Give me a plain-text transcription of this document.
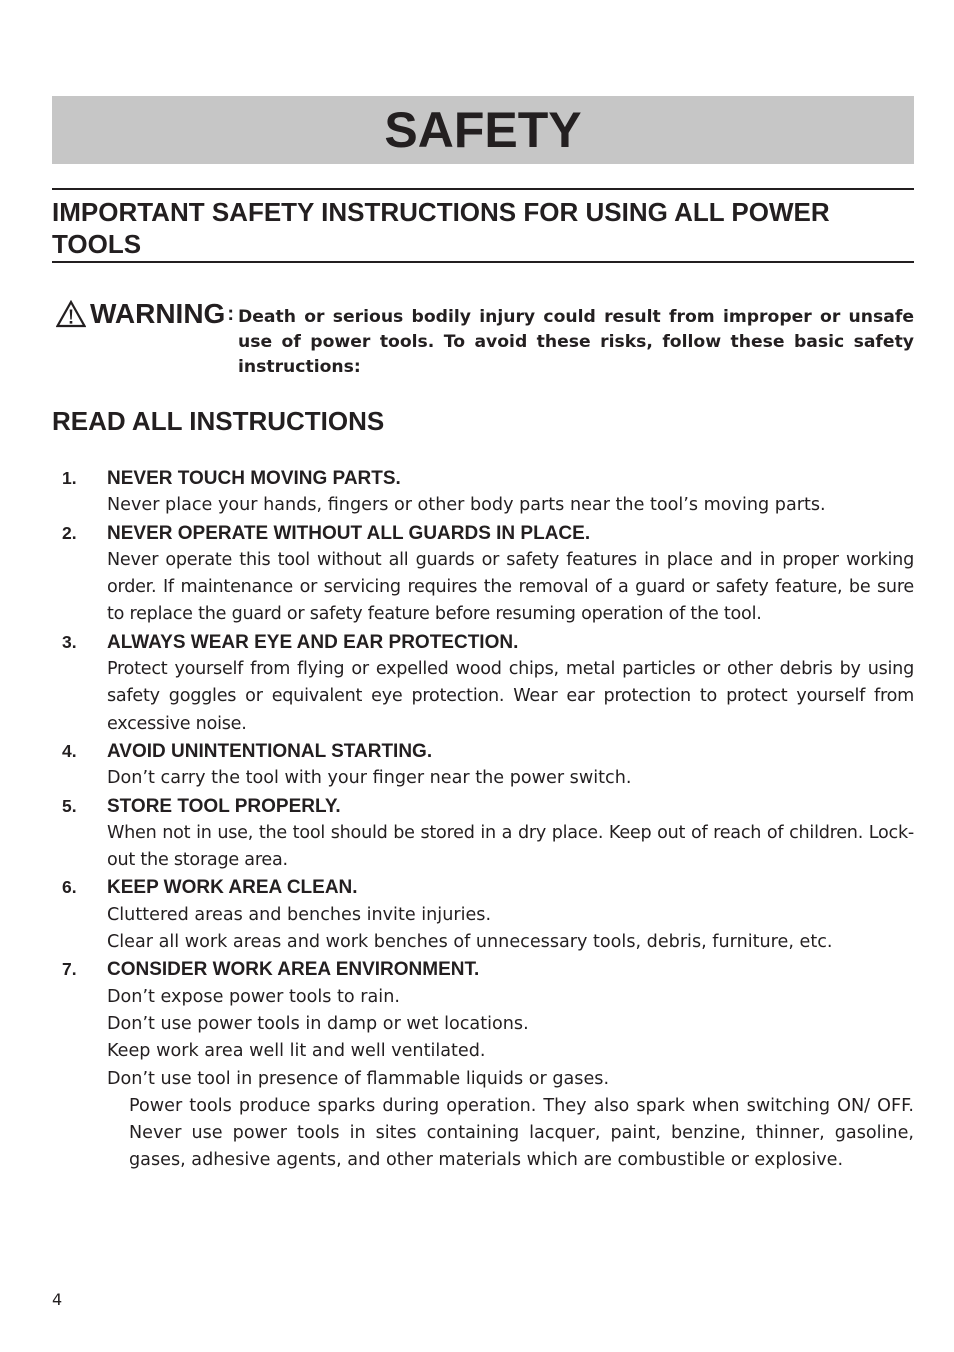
SAFETY
IMPORTANT SAFETY INSTRUCTIONS FOR USING ALL POWER TOOLS
WARNING : Death or serious bodily injury could result from improper or unsafe use of power tools. To avoid these risks, follow these basic safety instructions:

READ ALL INSTRUCTIONS
1. NEVER TOUCH MOVING PARTS.

Never place your hands, fingers or other body parts near the tool’s moving parts.

2. NEVER OPERATE WITHOUT ALL GUARDS IN PLACE.

Never operate this tool without all guards or safety features in place and in proper working order. If maintenance or servicing requires the removal of a guard or safety feature, be sure to replace the guard or safety feature before resuming operation of the tool.

3. ALWAYS WEAR EYE AND EAR PROTECTION.

Protect yourself from flying or expelled wood chips, metal particles or other debris by using safety goggles or equivalent eye protection. Wear ear protection to protect yourself from excessive noise.

4. AVOID UNINTENTIONAL STARTING.

Don’t carry the tool with your finger near the power switch.

5. STORE TOOL PROPERLY.

When not in use, the tool should be stored in a dry place. Keep out of reach of children. Lock-out the storage area.

6. KEEP WORK AREA CLEAN.

Cluttered areas and benches invite injuries.

Clear all work areas and work benches of unnecessary tools, debris, furniture, etc.

7. CONSIDER WORK AREA ENVIRONMENT.

Don’t expose power tools to rain.

Don’t use power tools in damp or wet locations.

Keep work area well lit and well ventilated.

Don’t use tool in presence of flammable liquids or gases.

Power tools produce sparks during operation. They also spark when switching ON/ OFF. Never use power tools in sites containing lacquer, paint, benzine, thinner, gasoline, gases, adhesive agents, and other materials which are combustible or explosive.

4
